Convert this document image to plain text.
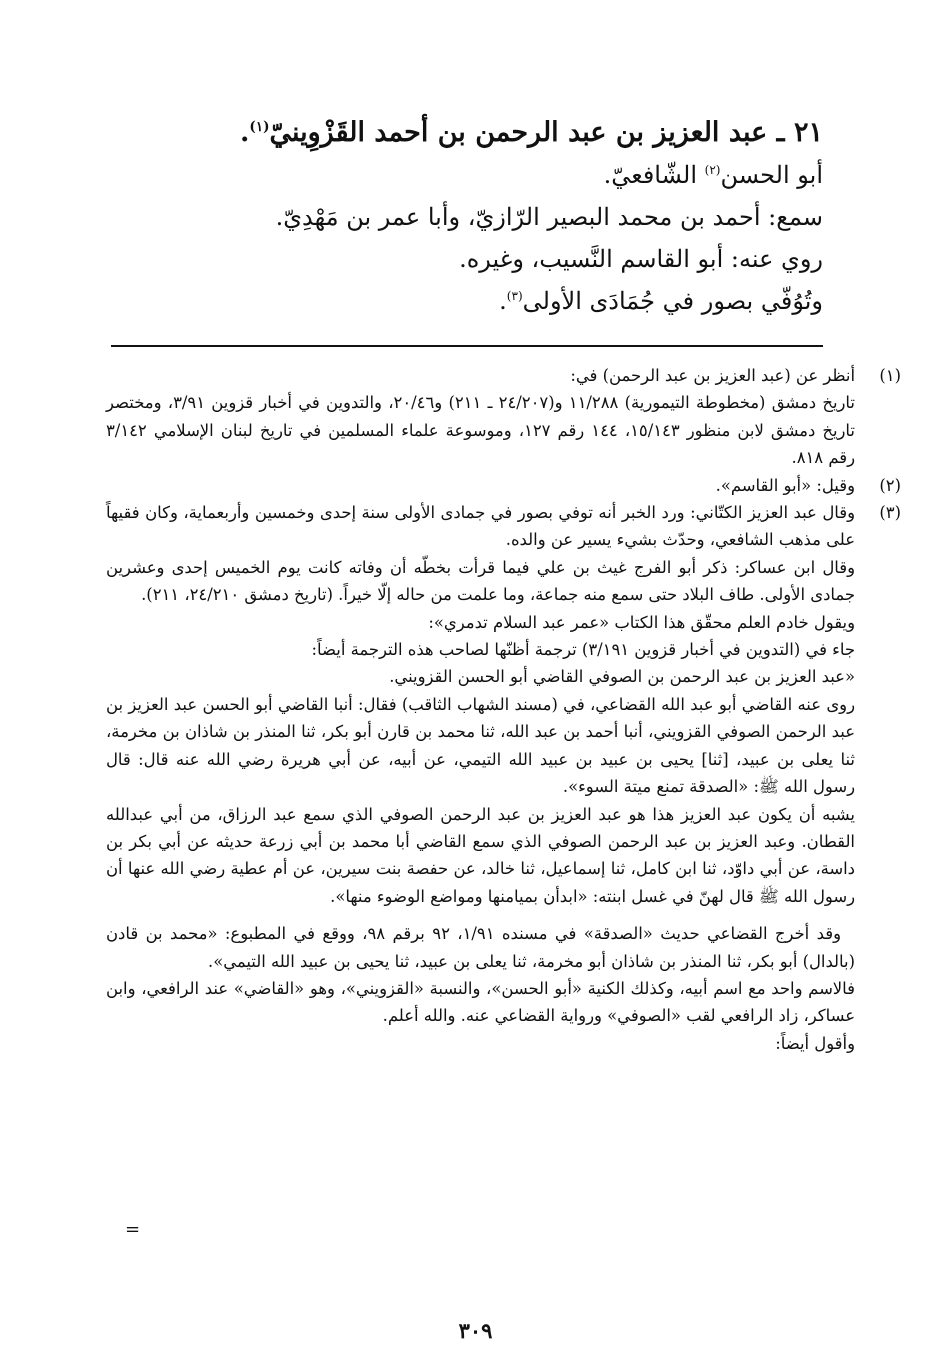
٢١ ـ عبد العزيز بن عبد الرحمن بن أحمد القَزْوِينيّ$^{(١)}$.

أبو الحسن$^{(٢)}$ الشّافعيّ.

سمع: أحمد بن محمد البصير الرّازيّ، وأبا عمر بن مَهْدِيّ.

روي عنه: أبو القاسم النَّسيب، وغيره.

وتُوُفّي بصور في جُمَادَى الأولى$^{(٣)}$.

(١)

أنظر عن (عبد العزيز بن عبد الرحمن) في:

تاريخ دمشق (مخطوطة التيمورية) ١١/٢٨٨ و(٢٤/٢٠٧ ـ ٢١١) و٢٠/٤٦، والتدوين في أخبار قزوين ٣/٩١، ومختصر تاريخ دمشق لابن منظور ١٥/١٤٣، ١٤٤ رقم ١٢٧، وموسوعة علماء المسلمين في تاريخ لبنان الإسلامي ٣/١٤٢ رقم ٨١٨.

(٢)

وقيل: «أبو القاسم».

(٣)

وقال عبد العزيز الكتّاني: ورد الخبر أنه توفي بصور في جمادى الأولى سنة إحدى وخمسين وأربعماية، وكان فقيهاً على مذهب الشافعي، وحدّث بشيء يسير عن والده.

وقال ابن عساكر: ذكر أبو الفرج غيث بن علي فيما قرأت بخطّه أن وفاته كانت يوم الخميس إحدى وعشرين جمادى الأولى. طاف البلاد حتى سمع منه جماعة، وما علمت من حاله إلّا خيراً. (تاريخ دمشق ٢٤/٢١٠، ٢١١).

ويقول خادم العلم محقّق هذا الكتاب «عمر عبد السلام تدمري»:

جاء في (التدوين في أخبار قزوين ٣/١٩١) ترجمة أظنّها لصاحب هذه الترجمة أيضاً:

«عبد العزيز بن عبد الرحمن بن الصوفي القاضي أبو الحسن القزويني.

روى عنه القاضي أبو عبد الله القضاعي، في (مسند الشهاب الثاقب) فقال: أنبا القاضي أبو الحسن عبد العزيز بن عبد الرحمن الصوفي القزويني، أنبا أحمد بن عبد الله، ثنا محمد بن قارن أبو بكر، ثنا المنذر بن شاذان بن مخرمة، ثنا يعلى بن عبيد، [ثنا] يحيى بن عبيد بن عبيد الله التيمي، عن أبيه، عن أبي هريرة رضي الله عنه قال: قال رسول الله ﷺ: «الصدقة تمنع ميتة السوء».

يشبه أن يكون عبد العزيز هذا هو عبد العزيز بن عبد الرحمن الصوفي الذي سمع عبد الرزاق، من أبي عبدالله القطان. وعبد العزيز بن عبد الرحمن الصوفي الذي سمع القاضي أبا محمد بن أبي زرعة حديثه عن أبي بكر بن داسة، عن أبي داوّد، ثنا ابن كامل، ثنا إسماعيل، ثنا خالد، عن حفصة بنت سيرين، عن أم عطية رضي الله عنها أن رسول الله ﷺ قال لهنّ في غسل ابنته: «ابدأن بميامنها ومواضع الوضوء منها».

وقد أخرج القضاعي حديث «الصدقة» في مسنده ١/٩١، ٩٢ برقم ٩٨، ووقع في المطبوع: «محمد بن قادن (بالدال) أبو بكر، ثنا المنذر بن شاذان أبو مخرمة، ثنا يعلى بن عبيد، ثنا يحيى بن عبيد الله التيمي».

فالاسم واحد مع اسم أبيه، وكذلك الكنية «أبو الحسن»، والنسبة «القزويني»، وهو «القاضي» عند الرافعي، وابن عساكر، زاد الرافعي لقب «الصوفي» ورواية القضاعي عنه. والله أعلم.

وأقول أيضاً:

=
٣٠٩
